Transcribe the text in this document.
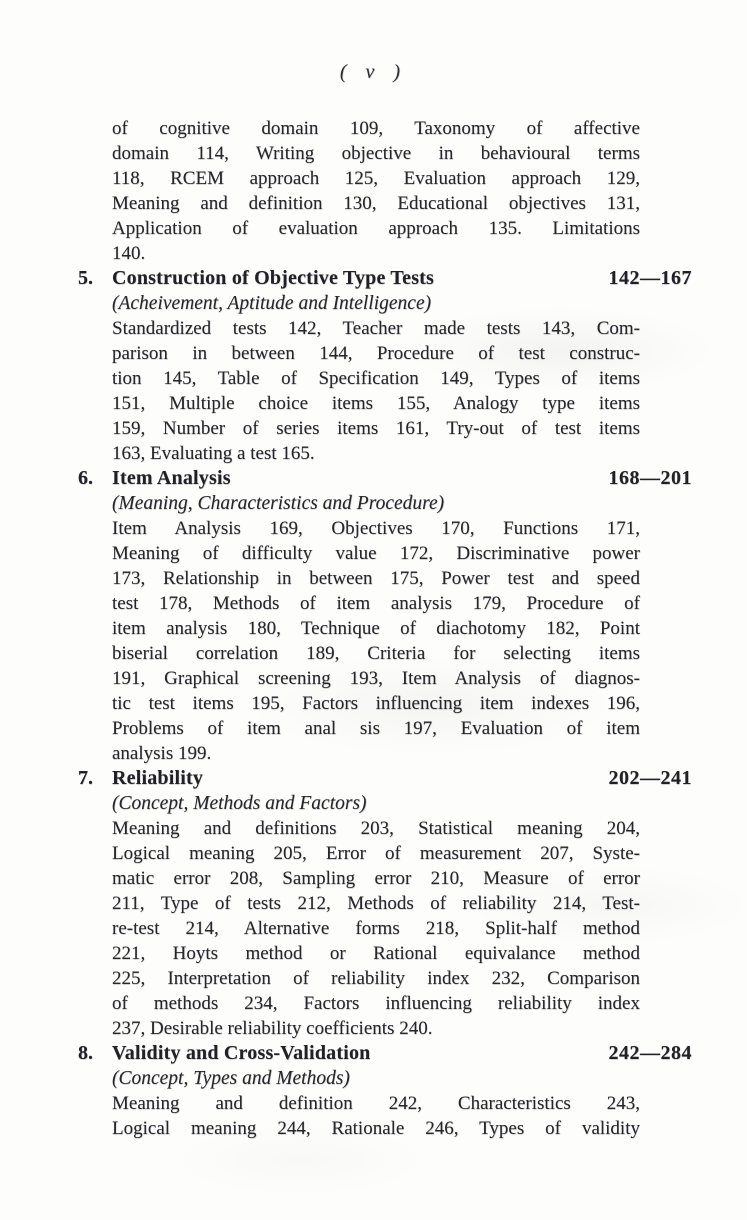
( v )
of cognitive domain 109, Taxonomy of affective
domain 114, Writing objective in behavioural terms
118, RCEM approach 125, Evaluation approach 129,
Meaning and definition 130, Educational objectives 131,
Application of evaluation approach 135. Limitations
140.
5. Construction of Objective Type Tests	142—167
(Acheivement, Aptitude and Intelligence)
Standardized tests 142, Teacher made tests 143, Com-
parison in between 144, Procedure of test construc-
tion 145, Table of Specification 149, Types of items
151, Multiple choice items 155, Analogy type items
159, Number of series items 161, Try-out of test items
163, Evaluating a test 165.
6. Item Analysis	168—201
(Meaning, Characteristics and Procedure)
Item Analysis 169, Objectives 170, Functions 171,
Meaning of difficulty value 172, Discriminative power
173, Relationship in between 175, Power test and speed
test 178, Methods of item analysis 179, Procedure of
item analysis 180, Technique of diachotomy 182, Point
biserial correlation 189, Criteria for selecting items
191, Graphical screening 193, Item Analysis of diagnos-
tic test items 195, Factors influencing item indexes 196,
Problems of item anal sis 197, Evaluation of item
analysis 199.
7. Reliability	202—241
(Concept, Methods and Factors)
Meaning and definitions 203, Statistical meaning 204,
Logical meaning 205, Error of measurement 207, Syste-
matic error 208, Sampling error 210, Measure of error
211, Type of tests 212, Methods of reliability 214, Test-
re-test 214, Alternative forms 218, Split-half method
221, Hoyts method or Rational equivalance method
225, Interpretation of reliability index 232, Comparison
of methods 234, Factors influencing reliability index
237, Desirable reliability coefficients 240.
8. Validity and Cross-Validation	242—284
(Concept, Types and Methods)
Meaning and definition 242, Characteristics 243,
Logical meaning 244, Rationale 246, Types of validity
